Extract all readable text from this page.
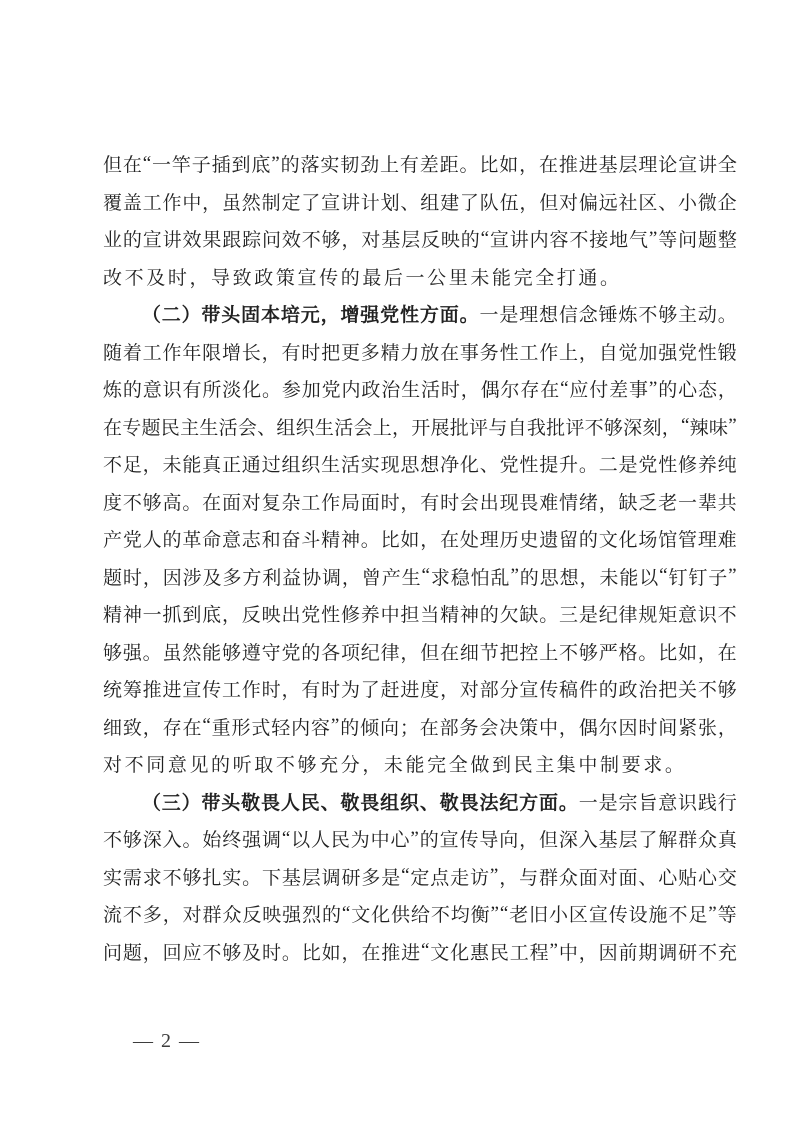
但 在 “ 一 竿 子 插 到 底 ” 的 落 实 韧 劲 上 有 差 距 。 比 如 ， 在 推 进 基 层 理 论 宣 讲 全
覆 盖 工 作 中 ， 虽 然 制 定 了 宣 讲 计 划 、 组 建 了 队 伍 ， 但 对 偏 远 社 区 、 小 微 企
业 的 宣 讲 效 果 跟 踪 问 效 不 够 ， 对 基 层 反 映 的 “ 宣 讲 内 容 不 接 地 气 ” 等 问 题 整
改 不 及 时 ， 导 致 政 策 宣 传 的 最 后 一 公 里 未 能 完 全 打 通 。
（ 二 ） 带 头 固 本 培 元 ， 增 强 党 性 方 面 。 一 是 理 想 信 念 锤 炼 不 够 主 动 。
随 着 工 作 年 限 增 长 ， 有 时 把 更 多 精 力 放 在 事 务 性 工 作 上 ， 自 觉 加 强 党 性 锻
炼 的 意 识 有 所 淡 化 。 参 加 党 内 政 治 生 活 时 ， 偶 尔 存 在 “ 应 付 差 事 ” 的 心 态 ，
在 专 题 民 主 生 活 会 、 组 织 生 活 会 上 ， 开 展 批 评 与 自 我 批 评 不 够 深 刻 ， “ 辣 味 ”
不 足 ， 未 能 真 正 通 过 组 织 生 活 实 现 思 想 净 化 、 党 性 提 升 。 二 是 党 性 修 养 纯
度 不 够 高 。 在 面 对 复 杂 工 作 局 面 时 ， 有 时 会 出 现 畏 难 情 绪 ， 缺 乏 老 一 辈 共
产 党 人 的 革 命 意 志 和 奋 斗 精 神 。 比 如 ， 在 处 理 历 史 遗 留 的 文 化 场 馆 管 理 难
题 时 ， 因 涉 及 多 方 利 益 协 调 ， 曾 产 生 “ 求 稳 怕 乱 ” 的 思 想 ， 未 能 以 “ 钉 钉 子 ”
精 神 一 抓 到 底 ， 反 映 出 党 性 修 养 中 担 当 精 神 的 欠 缺 。 三 是 纪 律 规 矩 意 识 不
够 强 。 虽 然 能 够 遵 守 党 的 各 项 纪 律 ， 但 在 细 节 把 控 上 不 够 严 格 。 比 如 ， 在
统 筹 推 进 宣 传 工 作 时 ， 有 时 为 了 赶 进 度 ， 对 部 分 宣 传 稿 件 的 政 治 把 关 不 够
细 致 ， 存 在 “ 重 形 式 轻 内 容 ” 的 倾 向 ； 在 部 务 会 决 策 中 ， 偶 尔 因 时 间 紧 张 ，
对 不 同 意 见 的 听 取 不 够 充 分 ， 未 能 完 全 做 到 民 主 集 中 制 要 求 。
（ 三 ） 带 头 敬 畏 人 民 、 敬 畏 组 织 、 敬 畏 法 纪 方 面 。 一 是 宗 旨 意 识 践 行
不 够 深 入 。 始 终 强 调 “ 以 人 民 为 中 心 ” 的 宣 传 导 向 ， 但 深 入 基 层 了 解 群 众 真
实 需 求 不 够 扎 实 。 下 基 层 调 研 多 是 “ 定 点 走 访 ” ， 与 群 众 面 对 面 、 心 贴 心 交
流 不 多 ， 对 群 众 反 映 强 烈 的 “ 文 化 供 给 不 均 衡 ” “ 老 旧 小 区 宣 传 设 施 不 足 ” 等
问 题 ， 回 应 不 够 及 时 。 比 如 ， 在 推 进 “ 文 化 惠 民 工 程 ” 中 ， 因 前 期 调 研 不 充
— 2 —
